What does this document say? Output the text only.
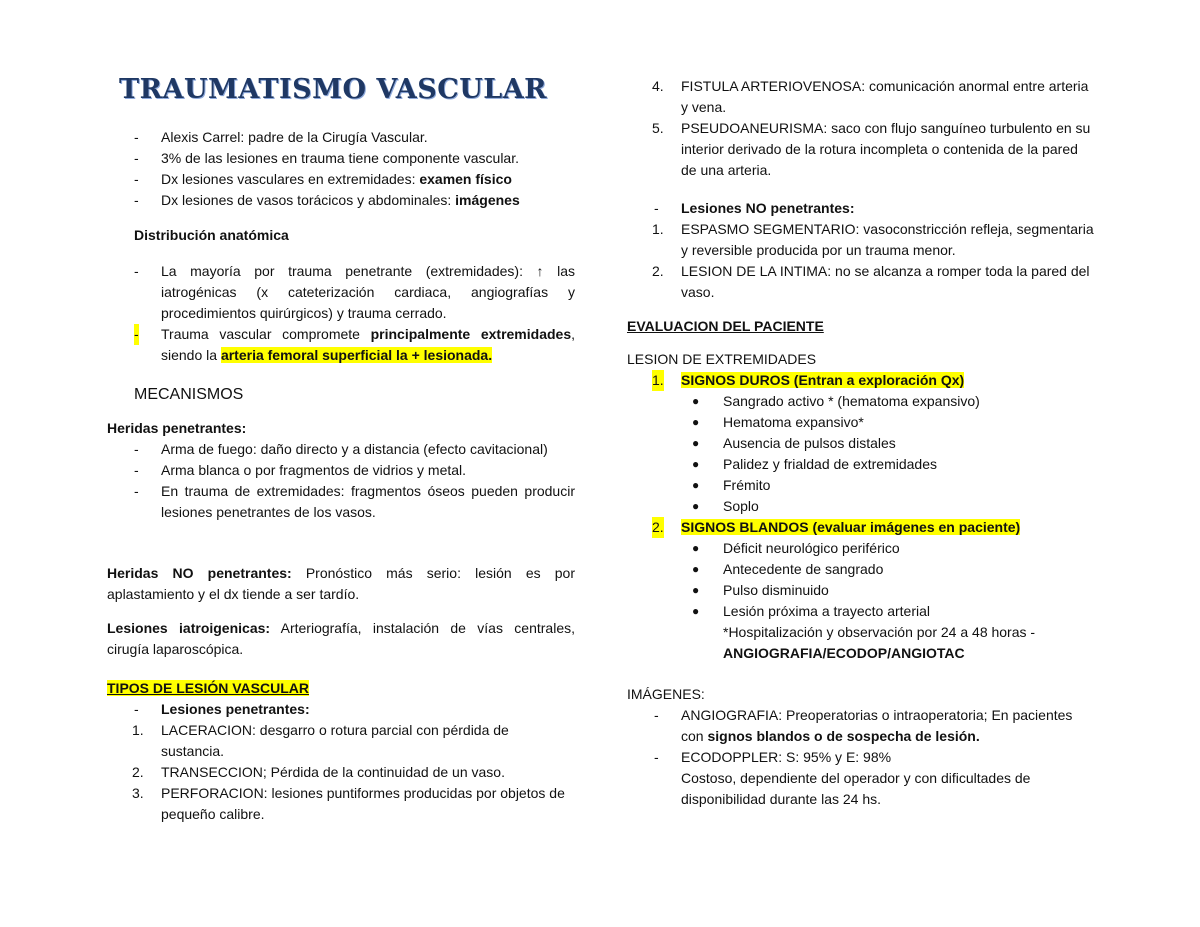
TRAUMATISMO VASCULAR
- Alexis Carrel: padre de la Cirugía Vascular.
- 3% de las lesiones en trauma tiene componente vascular.
- Dx lesiones vasculares en extremidades: examen físico
- Dx lesiones de vasos torácicos y abdominales: imágenes
Distribución anatómica
- La mayoría por trauma penetrante (extremidades): ↑ las iatrogénicas (x cateterización cardiaca, angiografías y procedimientos quirúrgicos) y trauma cerrado.
- Trauma vascular compromete principalmente extremidades, siendo la arteria femoral superficial la + lesionada.
MECANISMOS
Heridas penetrantes:
- Arma de fuego: daño directo y a distancia (efecto cavitacional)
- Arma blanca o por fragmentos de vidrios y metal.
- En trauma de extremidades: fragmentos óseos pueden producir lesiones penetrantes de los vasos.
Heridas NO penetrantes: Pronóstico más serio: lesión es por aplastamiento y el dx tiende a ser tardío.
Lesiones iatroigenicas: Arteriografía, instalación de vías centrales, cirugía laparoscópica.
TIPOS DE LESIÓN VASCULAR
- Lesiones penetrantes:
1. LACERACION: desgarro o rotura parcial con pérdida de sustancia.
2. TRANSECCION; Pérdida de la continuidad de un vaso.
3. PERFORACION: lesiones puntiformes producidas por objetos de pequeño calibre.
4. FISTULA ARTERIOVENOSA: comunicación anormal entre arteria y vena.
5. PSEUDOANEURISMA: saco con flujo sanguíneo turbulento en su interior derivado de la rotura incompleta o contenida de la pared de una arteria.
- Lesiones NO penetrantes:
1. ESPASMO SEGMENTARIO: vasoconstricción refleja, segmentaria y reversible producida por un trauma menor.
2. LESION DE LA INTIMA: no se alcanza a romper toda la pared del vaso.
EVALUACION DEL PACIENTE
LESION DE EXTREMIDADES
1. SIGNOS DUROS (Entran a exploración Qx)
● Sangrado activo * (hematoma expansivo)
● Hematoma expansivo*
● Ausencia de pulsos distales
● Palidez y frialdad de extremidades
● Frémito
● Soplo
2. SIGNOS BLANDOS (evaluar imágenes en paciente)
● Déficit neurológico periférico
● Antecedente de sangrado
● Pulso disminuido
● Lesión próxima a trayecto arterial
*Hospitalización y observación por 24 a 48 horas -
ANGIOGRAFIA/ECODOP/ANGIOTAC
IMÁGENES:
- ANGIOGRAFIA: Preoperatorias o intraoperatoria; En pacientes con signos blandos o de sospecha de lesión.
- ECODOPPLER: S: 95% y E: 98%
Costoso, dependiente del operador y con dificultades de disponibilidad durante las 24 hs.
